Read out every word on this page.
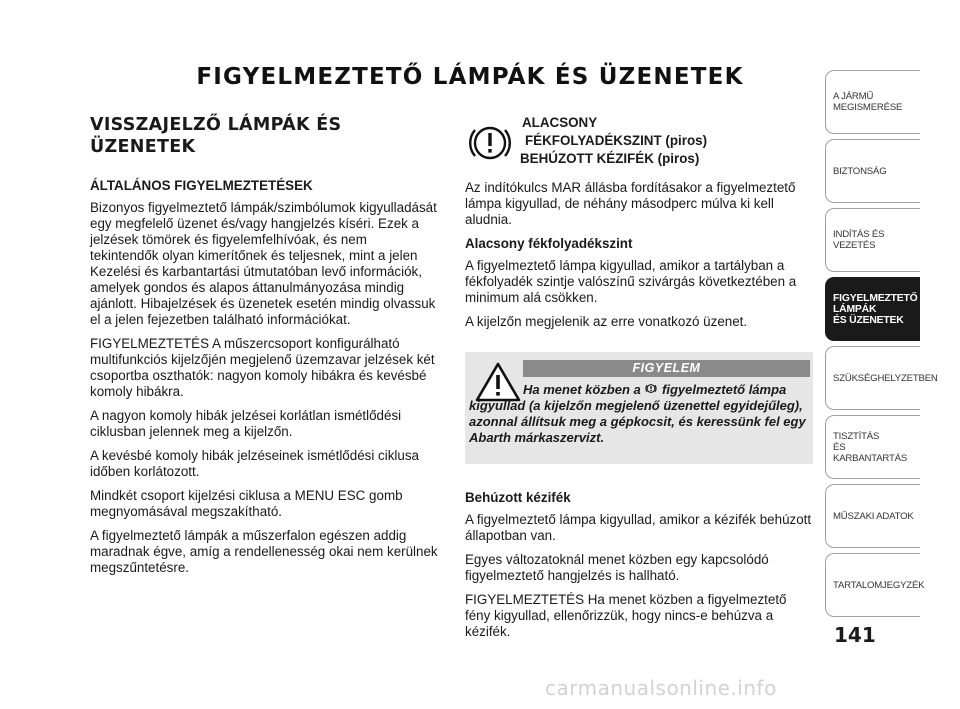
FIGYELMEZTETŐ LÁMPÁK ÉS ÜZENETEK
VISSZAJELZŐ LÁMPÁK ÉS ÜZENETEK
ÁLTALÁNOS FIGYELMEZTETÉSEK

Bizonyos figyelmeztető lámpák/szimbólumok kigyulladását egy megfelelő üzenet és/vagy hangjelzés kíséri. Ezek a jelzések tömörek és figyelemfelhívóak, és nem tekintendők olyan kimerítőnek és teljesnek, mint a jelen Kezelési és karbantartási útmutatóban levő információk, amelyek gondos és alapos áttanulmányozása mindig ajánlott. Hibajelzések és üzenetek esetén mindig olvassuk el a jelen fejezetben található információkat.

FIGYELMEZTETÉS A műszercsoport konfigurálható multifunkciós kijelzőjén megjelenő üzemzavar jelzések két csoportba oszthatók: nagyon komoly hibákra és kevésbé komoly hibákra.

A nagyon komoly hibák jelzései korlátlan ismétlődési ciklusban jelennek meg a kijelzőn.

A kevésbé komoly hibák jelzéseinek ismétlődési ciklusa időben korlátozott.

Mindkét csoport kijelzési ciklusa a MENU ESC gomb megnyomásával megszakítható.

A figyelmeztető lámpák a műszerfalon egészen addig maradnak égve, amíg a rendellenesség okai nem kerülnek megszűntetésre.

ALACSONY
FÉKFOLYADÉKSZINT (piros)
BEHÚZOTT KÉZIFÉK (piros)

Az indítókulcs MAR állásba fordításakor a figyelmeztető lámpa kigyullad, de néhány másodperc múlva ki kell aludnia.

Alacsony fékfolyadékszint

A figyelmeztető lámpa kigyullad, amikor a tartályban a fékfolyadék szintje valószínű szivárgás következtében a minimum alá csökken.

A kijelzőn megjelenik az erre vonatkozó üzenet.

FIGYELEM
Ha menet közben a figyelmeztető lámpa kigyullad (a kijelzőn megjelenő üzenettel egyidejűleg), azonnal állítsuk meg a gépkocsit, és keressünk fel egy Abarth márkaszervizt.
Behúzott kézifék

A figyelmeztető lámpa kigyullad, amikor a kézifék behúzott állapotban van.

Egyes változatoknál menet közben egy kapcsolódó figyelmeztető hangjelzés is hallható.

FIGYELMEZTETÉS Ha menet közben a figyelmeztető fény kigyullad, ellenőrizzük, hogy nincs-e behúzva a kézifék.

A JÁRMŰ
MEGISMERÉSE
BIZTONSÁG
INDÍTÁS ÉS VEZETÉS
FIGYELMEZTETŐ
LÁMPÁK
ÉS ÜZENETEK
SZÜKSÉGHELYZETBEN
TISZTÍTÁS
ÉS KARBANTARTÁS
MŰSZAKI ADATOK
TARTALOMJEGYZÉK
141
carmanualsonline.info
